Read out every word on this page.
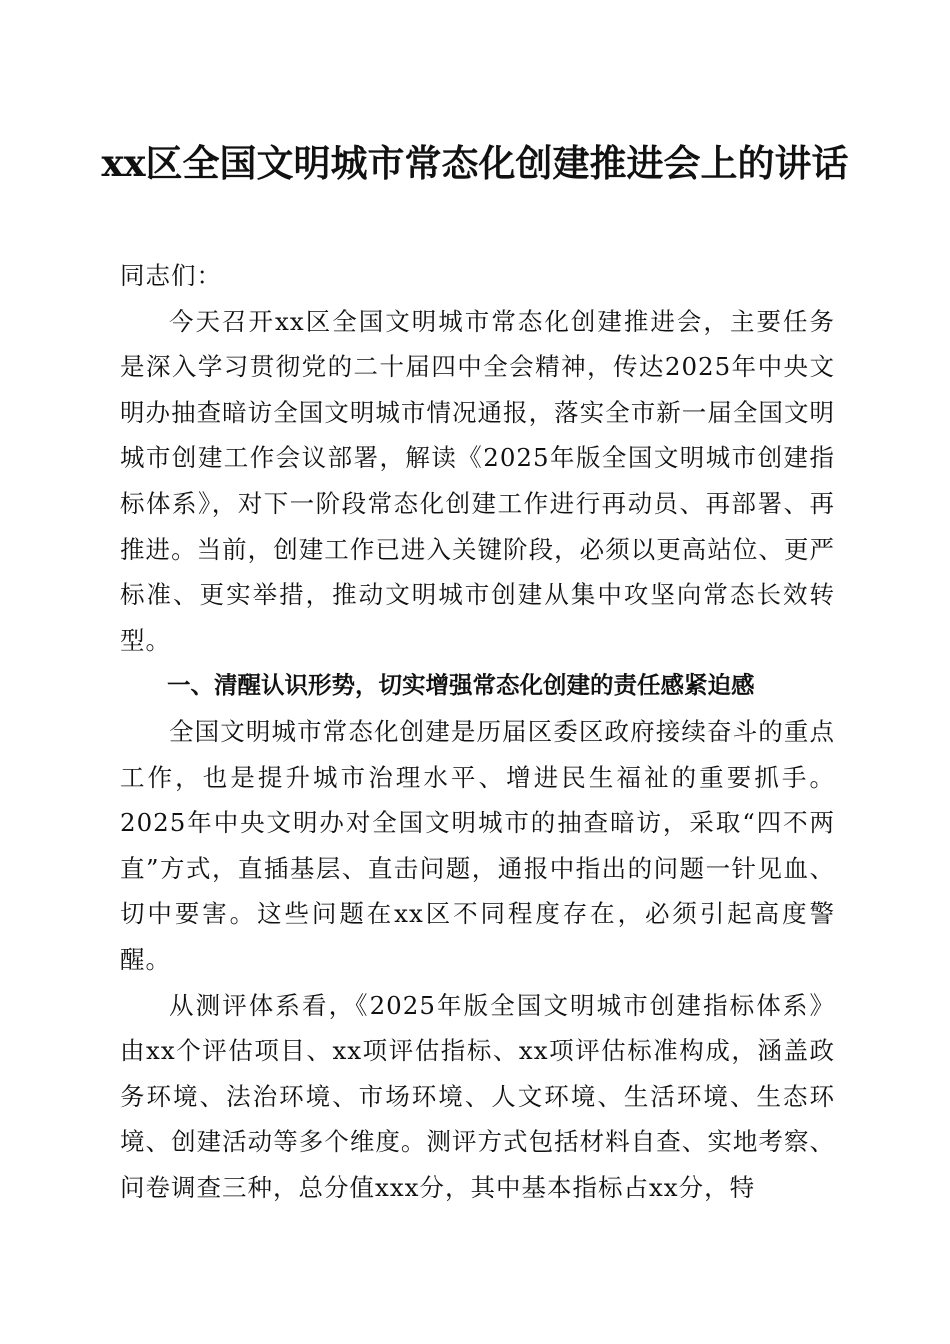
xx区全国文明城市常态化创建推进会上的讲话

同志们：

今天召开xx区全国文明城市常态化创建推进会，主要任务是深入学习贯彻党的二十届四中全会精神，传达2025年中央文明办抽查暗访全国文明城市情况通报，落实全市新一届全国文明城市创建工作会议部署，解读《2025年版全国文明城市创建指标体系》，对下一阶段常态化创建工作进行再动员、再部署、再推进。当前，创建工作已进入关键阶段，必须以更高站位、更严标准、更实举措，推动文明城市创建从集中攻坚向常态长效转型。

一、清醒认识形势，切实增强常态化创建的责任感紧迫感

全国文明城市常态化创建是历届区委区政府接续奋斗的重点工作，也是提升城市治理水平、增进民生福祉的重要抓手。2025年中央文明办对全国文明城市的抽查暗访，采取“四不两直”方式，直插基层、直击问题，通报中指出的问题一针见血、切中要害。这些问题在xx区不同程度存在，必须引起高度警醒。

从测评体系看，《2025年版全国文明城市创建指标体系》由xx个评估项目、xx项评估指标、xx项评估标准构成，涵盖政务环境、法治环境、市场环境、人文环境、生活环境、生态环境、创建活动等多个维度。测评方式包括材料自查、实地考察、问卷调查三种，总分值xxx分，其中基本指标占xx分，特
